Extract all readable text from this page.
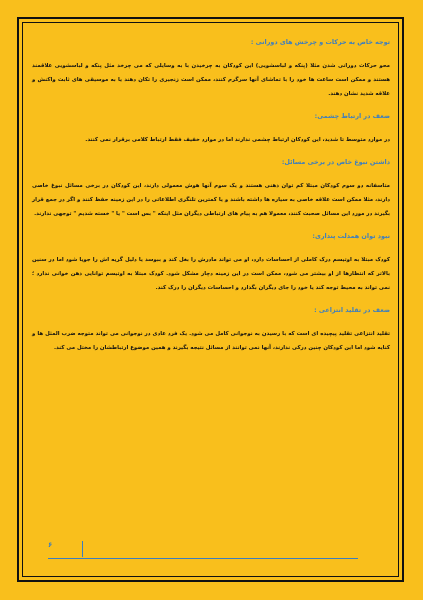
توجه خاص به حرکات و چرخش های دورانی :

محو حرکات دورانی شدن مثلا (پنکه و لباسشویی) این کودکان به چرخیدن با به وسایلی که می چرخد مثل پنکه و لباسشویی علاقمند هستند و ممکن است ساعت ها خود را با تماشای آنها سرگرم کنند، ممکن است زنجیری را تکان دهند یا به موسیقی های ثابت واکنش و علاقه شدید نشان دهند.

ضعف در ارتباط چشمی:

در موارد متوسط تا شدید، این کودکان ارتباط چشمی ندارند اما در موارد خفیف فقط ارتباط کلامی برقرار نمی کنند.

داشتن نبوغ خاص در برخی مسائل:

متاسفانه دو سوم کودکان مبتلا کم توان ذهنی هستند و یک سوم آنها هوش معمولی دارند، این کودکان در برخی مسائل نبوغ خاصی دارند، مثلا ممکن است علاقه خاصی به سیاره ها داشته باشند و یا کمترین تلنگری اطلاعاتی را در این زمینه حفظ کنند و اگر در جمع قرار بگیرند در مورد این مسائل صحبت کنند، معمولا هم به پیام های ارتباطی دیگران مثل اینکه " بس است " یا " خسته شدیم " توجهی ندارند.

نبود توان همدلت پنداری:

کودک مبتلا به اوتیسم درک کاملی از احساسات دارد، او می تواند مادرش را بغل کند و ببوسد یا دلیل گریه اش را جویا شود اما در سنین بالاتر که انتظارها از او بیشتر می شود، ممکن است در این زمینه دچار مشکل شود. کودک مبتلا به اوتیسم توانایی ذهن خوانی ندارد ؛ نمی تواند به محیط توجه کند یا خود را جای دیگران بگذارد و احساسات دیگران را درک کند.

ضعف در تقلید انتزاعی :

تقلید انتزاعی تقلید پیچیده ای است که با رسیدن به نوجوانی کامل می شود. یک فرد عادی در نوجوانی می تواند متوجه ضرب المثل ها و کنایه شود اما این کودکان چنین درکی ندارند، آنها نمی توانند از مسائل نتیجه بگیرند و همین موضوع ارتباطشان را مختل می کند.

۶
